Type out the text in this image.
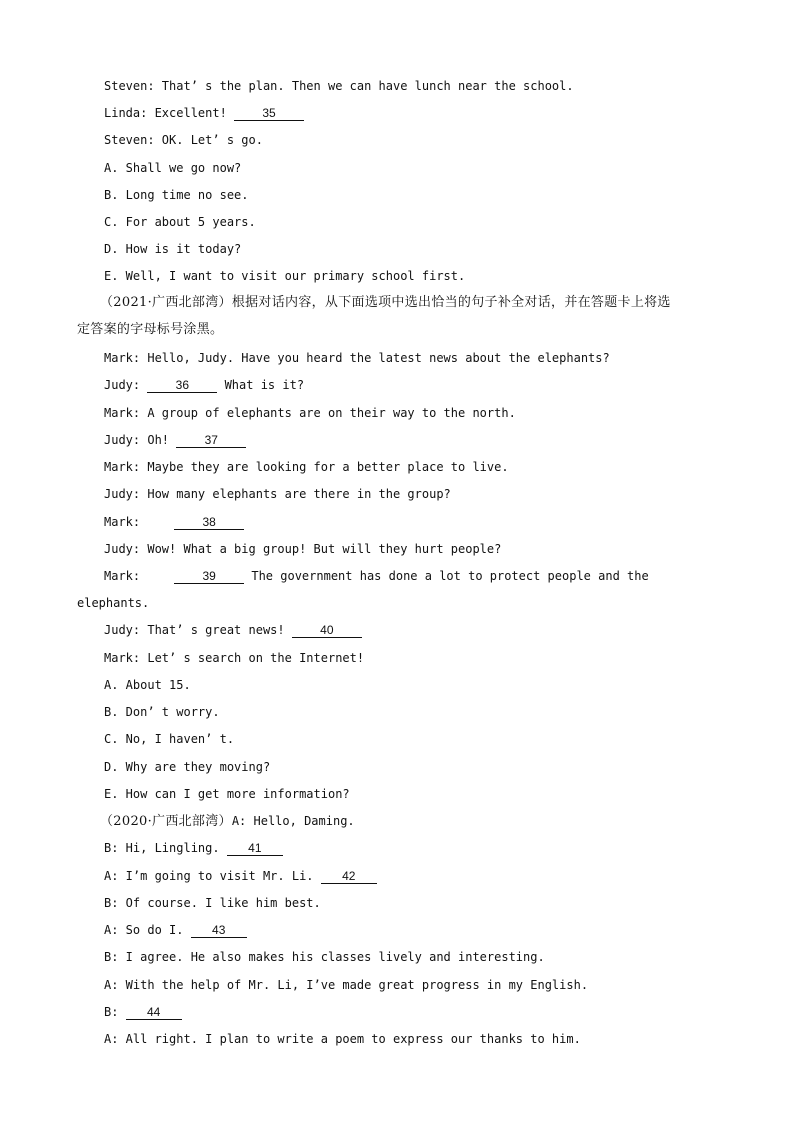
Steven: That’ s the plan. Then we can have lunch near the school.
Linda: Excellent! 35
Steven: OK. Let’ s go.
A. Shall we go now?
B. Long time no see.
C. For about 5 years.
D. How is it today?
E. Well, I want to visit our primary school first.
（2021·广西北部湾）根据对话内容，从下面选项中选出恰当的句子补全对话，并在答题卡上将选
定答案的字母标号涂黑。
Mark: Hello, Judy. Have you heard the latest news about the elephants?
Judy: 36 What is it?
Mark: A group of elephants are on their way to the north.
Judy: Oh! 37
Mark: Maybe they are looking for a better place to live.
Judy: How many elephants are there in the group?
Mark:	38
Judy: Wow! What a big group! But will they hurt people?
Mark:	39 The government has done a lot to protect people and the
elephants.
Judy: That’ s great news! 40
Mark: Let’ s search on the Internet!
A. About 15.
B. Don’ t worry.
C. No, I haven’ t.
D. Why are they moving?
E. How can I get more information?
（2020·广西北部湾）A: Hello, Daming.
B: Hi, Lingling. 41
A: I’m going to visit Mr. Li. 42
B: Of course. I like him best.
A: So do I. 43
B: I agree. He also makes his classes lively and interesting.
A: With the help of Mr. Li, I’ve made great progress in my English.
B: 44
A: All right. I plan to write a poem to express our thanks to him.
